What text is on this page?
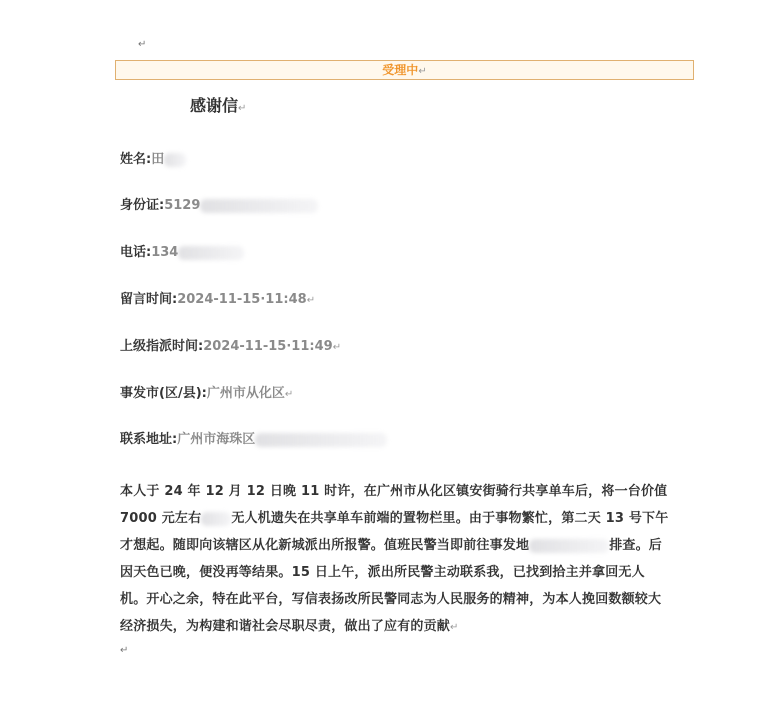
↵
受理中↵
感谢信↵
姓名:田
身份证:5129
电话:134
留言时间:2024-11-15·11:48↵
上级指派时间:2024-11-15·11:49↵
事发市(区/县):广州市从化区↵
联系地址:广州市海珠区
本人于 24 年 12 月 12 日晚 11 时许，在广州市从化区镇安街骑行共享单车后，将一台价值 7000 元左右 无人机遗失在共享单车前端的置物栏里。由于事物繁忙，第二天 13 号下午才想起。随即向该辖区从化新城派出所报警。值班民警当即前往事发地	排查。后因天色已晚，便没再等结果。15 日上午，派出所民警主动联系我，已找到拾主并拿回无人机。开心之余，特在此平台，写信表扬改所民警同志为人民服务的精神，为本人挽回数额较大经济损失，为构建和谐社会尽职尽责，做出了应有的贡献↵
↵
